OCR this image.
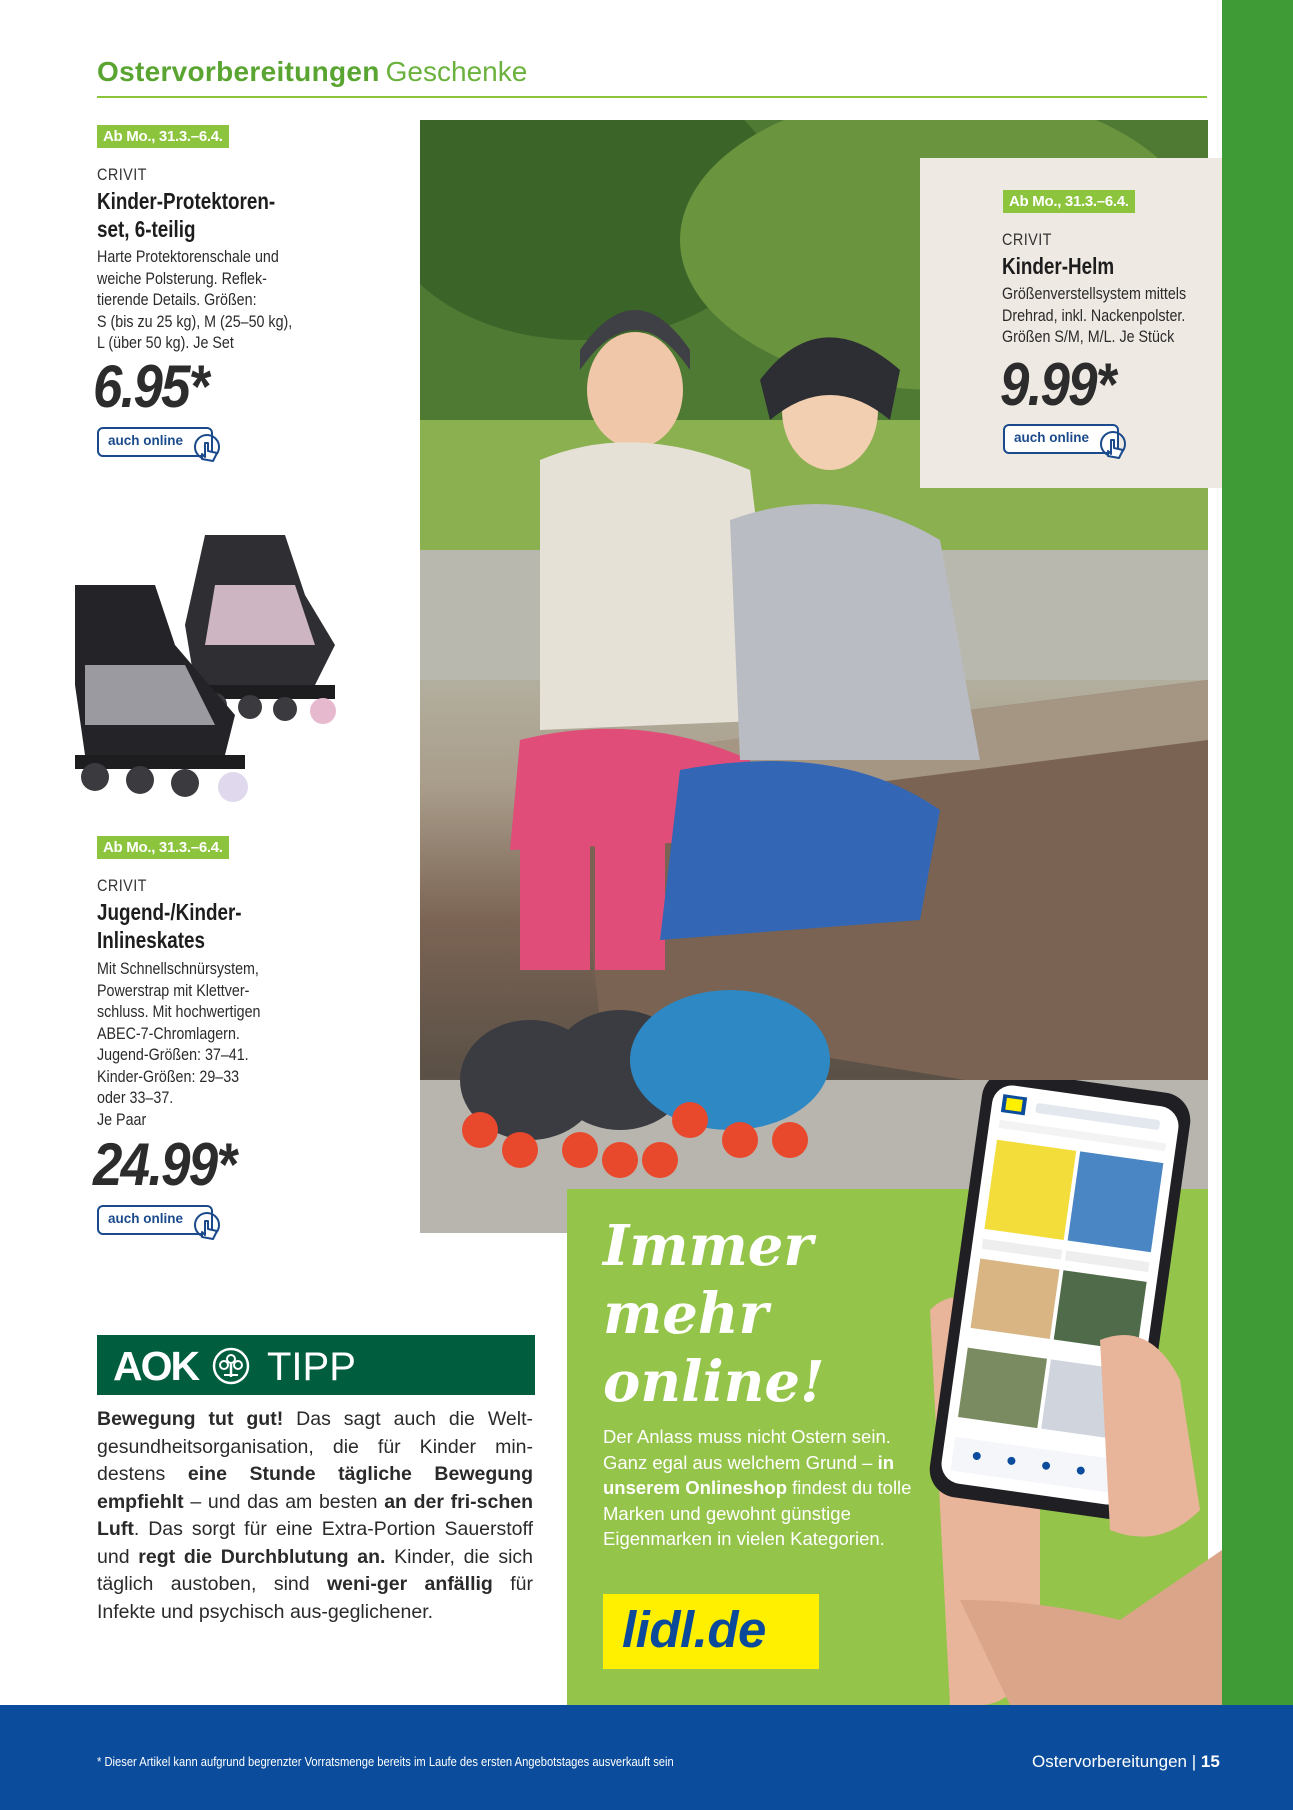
Ostervorbereitungen Geschenke
Ab Mo., 31.3.–6.4.
CRIVIT
Kinder-Helm
Größenverstellsystem mittels
Drehrad, inkl. Nackenpolster.
Größen S/M, M/L. Je Stück
9.99*
auch online
Ab Mo., 31.3.–6.4.
CRIVIT
Kinder-Protektoren-
set, 6-teilig
Harte Protektorenschale und
weiche Polsterung. Reflek-
tierende Details. Größen:
S (bis zu 25 kg), M (25–50 kg),
L (über 50 kg). Je Set
6.95*
auch online
Ab Mo., 31.3.–6.4.
CRIVIT
Jugend-/Kinder-
Inlineskates
Mit Schnellschnürsystem,
Powerstrap mit Klettver-
schluss. Mit hochwertigen
ABEC-7-Chromlagern.
Jugend-Größen: 37–41.
Kinder-Größen: 29–33
oder 33–37.
Je Paar
24.99*
auch online
AOK TIPP
Bewegung tut gut! Das sagt auch die Welt-gesundheitsorganisation, die für Kinder min-destens eine Stunde tägliche Bewegung empfiehlt – und das am besten an der fri-schen Luft. Das sorgt für eine Extra-Portion Sauerstoff und regt die Durchblutung an. Kinder, die sich täglich austoben, sind weni-ger anfällig für Infekte und psychisch aus-geglichener.
Immer
mehr
online!
Der Anlass muss nicht Ostern sein. Ganz egal aus welchem Grund – in unserem Onlineshop findest du tolle Marken und gewohnt günstige Eigenmarken in vielen Kategorien.
lidl.de
* Dieser Artikel kann aufgrund begrenzter Vorratsmenge bereits im Laufe des ersten Angebotstages ausverkauft sein	Ostervorbereitungen | 15
